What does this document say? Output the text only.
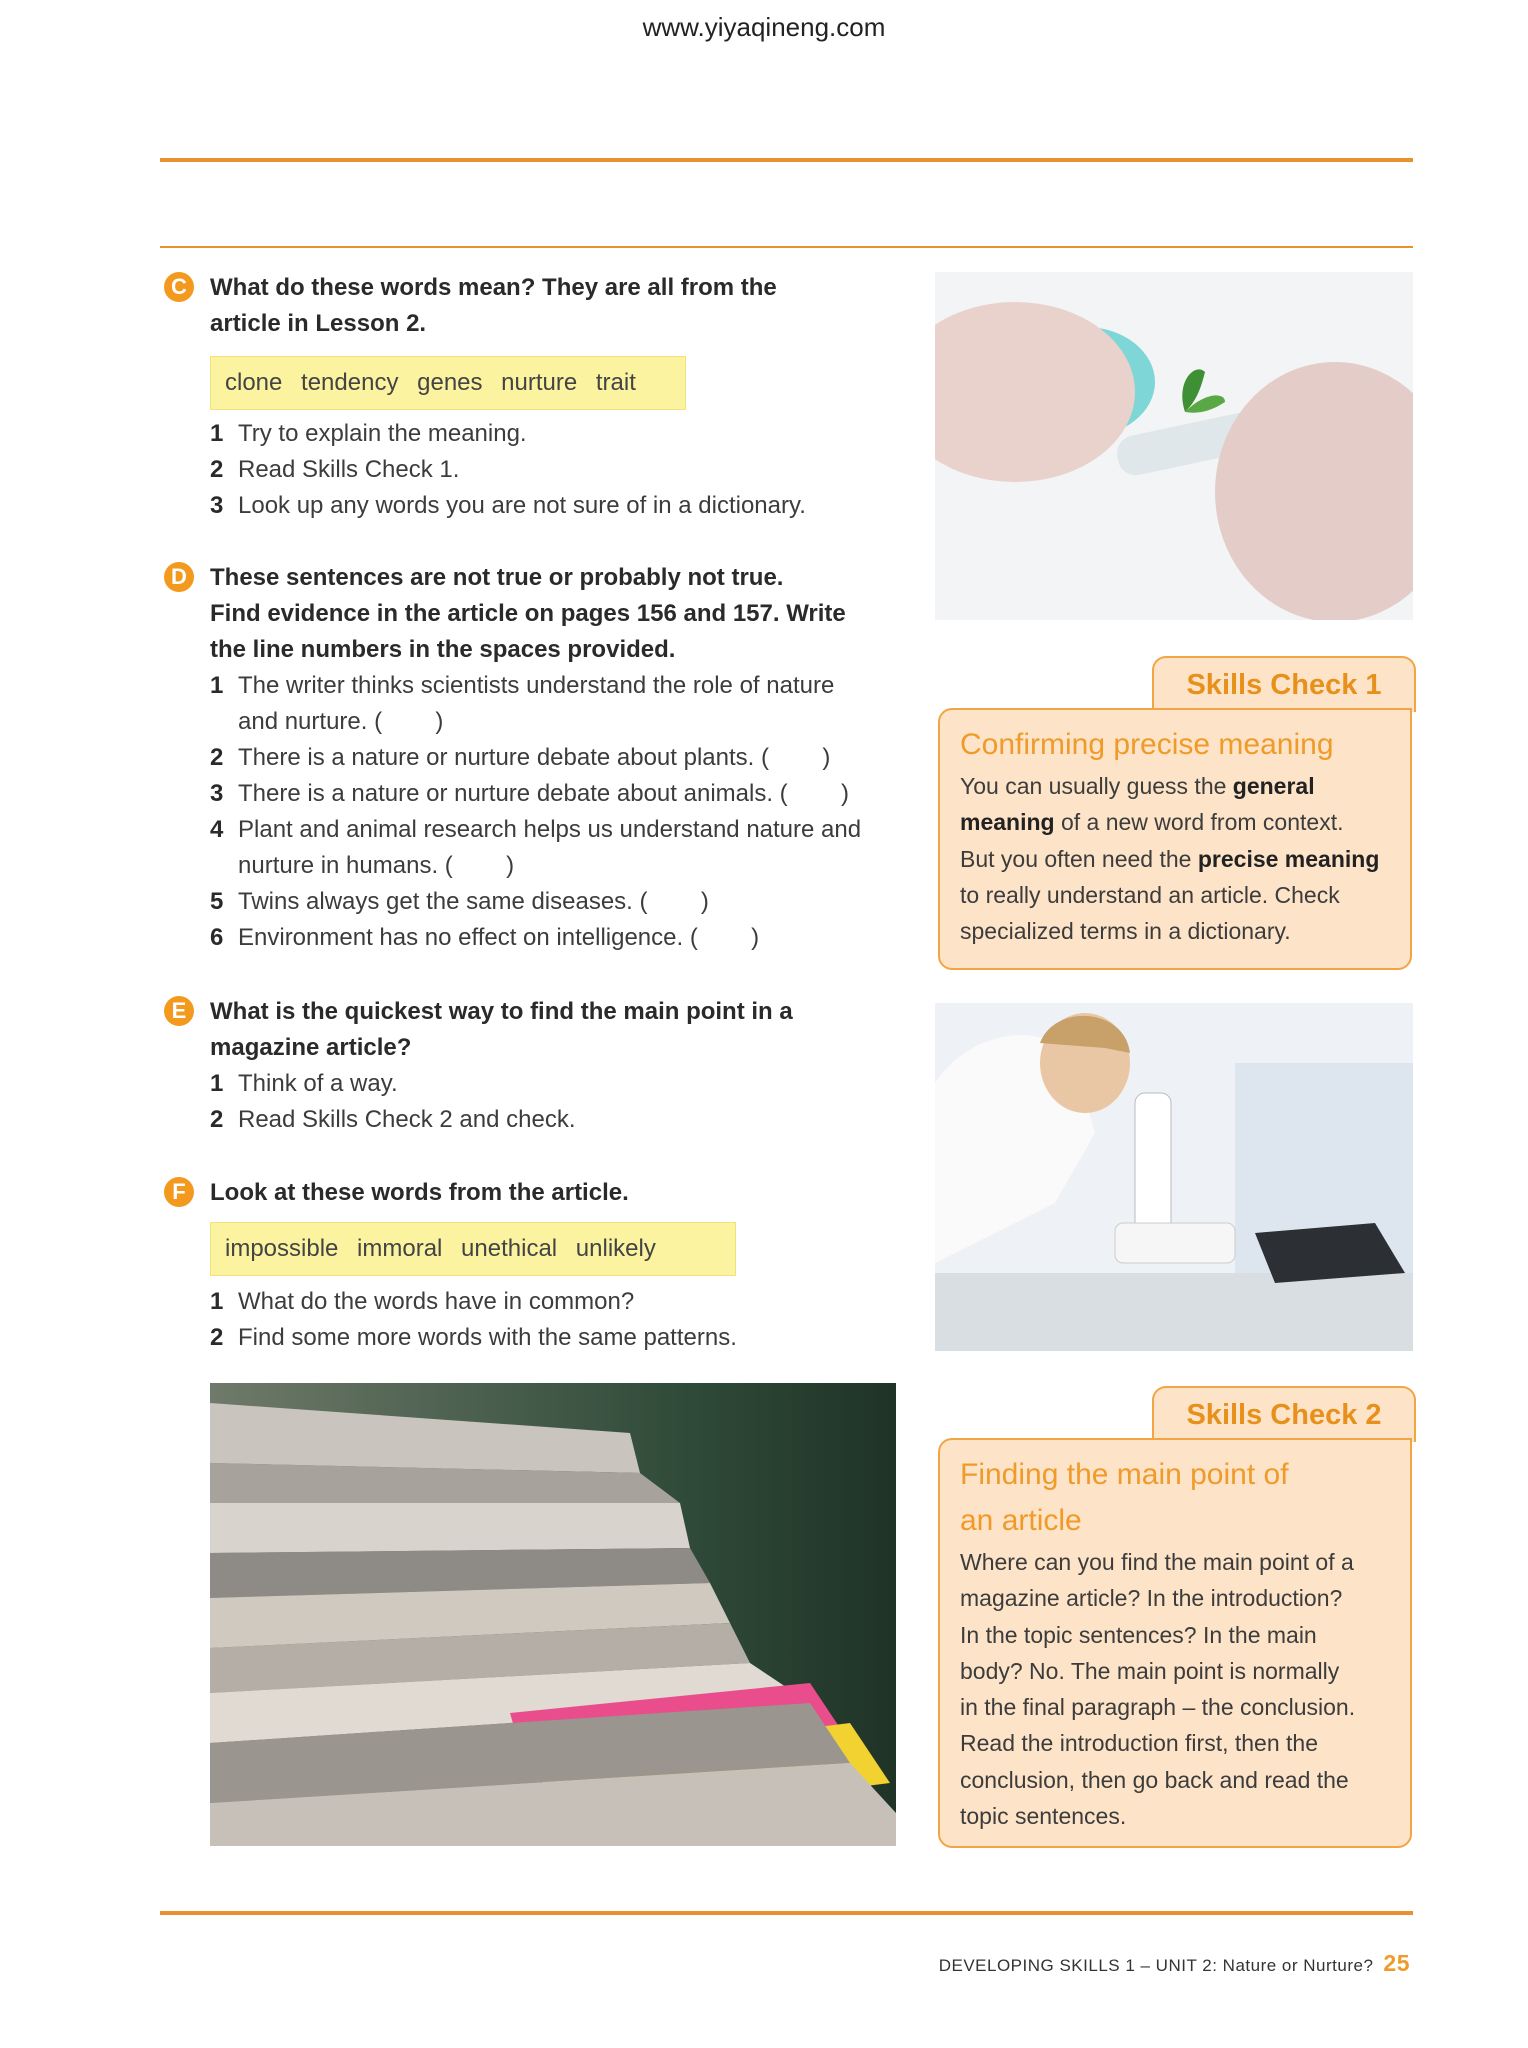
www.yiyaqineng.com
C What do these words mean? They are all from the
article in Lesson 2.
clone tendency genes nurture trait
1 Try to explain the meaning.
2 Read Skills Check 1.
3 Look up any words you are not sure of in a dictionary.
D These sentences are not true or probably not true.
Find evidence in the article on pages 156 and 157. Write
the line numbers in the spaces provided.
1 The writer thinks scientists understand the role of nature
and nurture. (        )
2 There is a nature or nurture debate about plants. (        )
3 There is a nature or nurture debate about animals. (        )
4 Plant and animal research helps us understand nature and
nurture in humans. (        )
5 Twins always get the same diseases. (        )
6 Environment has no effect on intelligence. (        )
E What is the quickest way to find the main point in a
magazine article?
1 Think of a way.
2 Read Skills Check 2 and check.
F	Look at these words from the article.
impossible immoral unethical unlikely
1 What do the words have in common?
2 Find some more words with the same patterns.
Skills Check 1
Confirming precise meaning
You can usually guess the general
meaning of a new word from context.
But you often need the precise meaning
to really understand an article. Check
specialized terms in a dictionary.
Skills Check 2
Finding the main point of
an article
Where can you find the main point of a
magazine article? In the introduction?
In the topic sentences? In the main
body? No. The main point is normally
in the final paragraph – the conclusion.
Read the introduction first, then the
conclusion, then go back and read the
topic sentences.
DEVELOPING SKILLS 1 – UNIT 2: Nature or Nurture? 25
